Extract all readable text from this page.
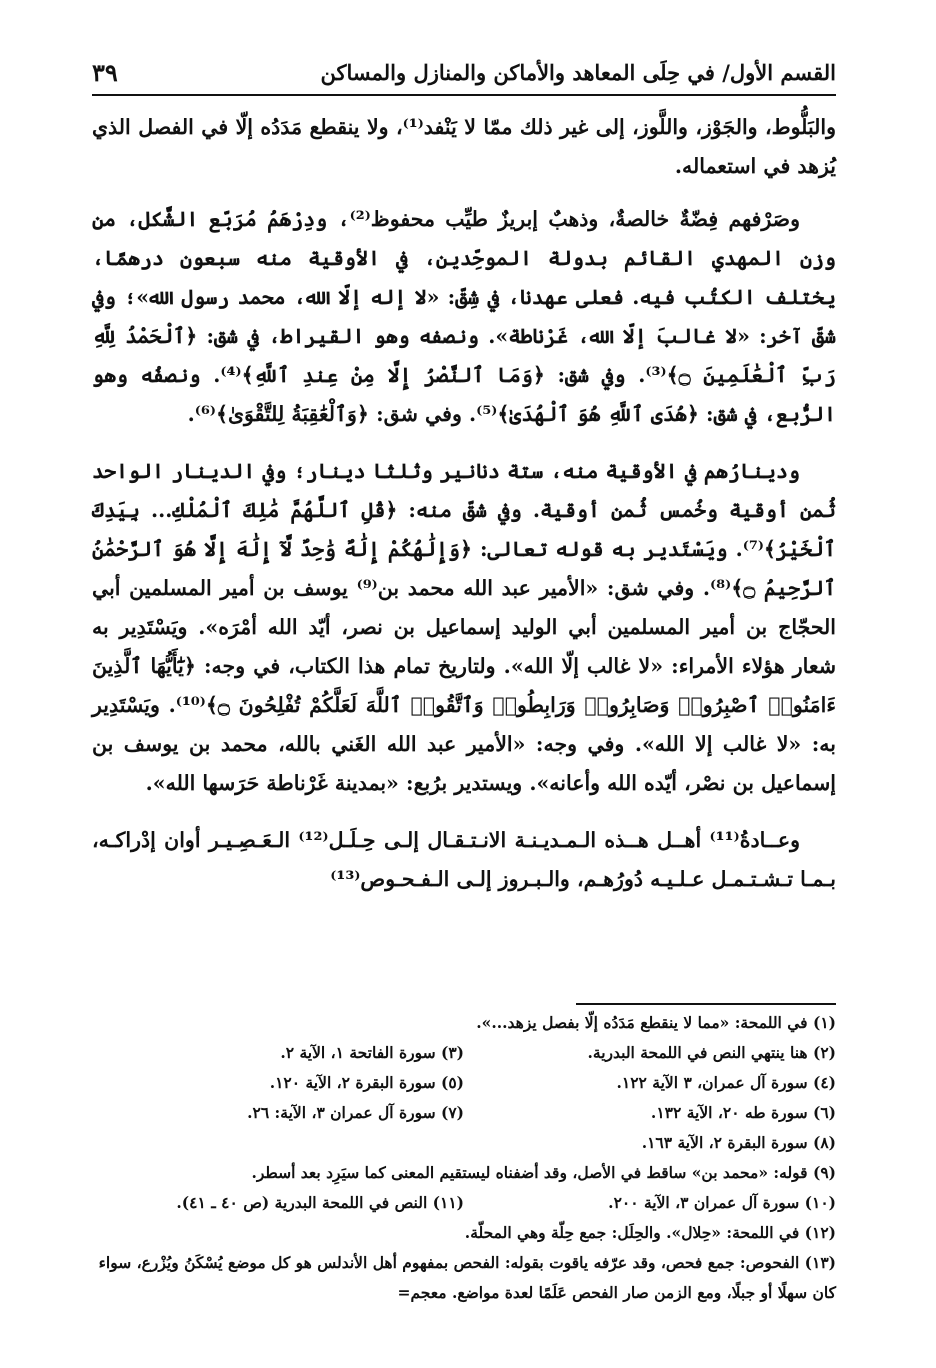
القسم الأول/ في حِلَى المعاهد والأماكن والمنازل والمساكن
٣٩

والبَلُّوط، والجَوْز، واللَّوز، إلى غير ذلك ممّا لا يَنْفد⁽¹⁾، ولا ينقطع مَدَدُه إلّا في الفصل الذي يُزهد في استعماله.

وصَرْفهم فِضّةٌ خالصةٌ، وذهبٌ إبريزٌ طيِّب محفوظ⁽²⁾، ودِرْهَمُ مُرَبّع الشَّكل، من وزن المهدي القائم بدولة الموحِّدين، في الأوقية منه سبعون درهمًا، يختلف الكتُب فيه. فعلى عهدنا، في شِقّ: «لا إله إلّا الله، محمد رسول الله»؛ وفي شقّ آخر: «لا غالبَ إلّا الله، غَرْناطة». ونصفه وهو القيراط، في شق: ﴿ٱلْحَمْدُ لِلَّهِ رَبِّ ٱلْعَٰلَمِينَ ۝﴾⁽³⁾. وفي شق: ﴿وَمَا ٱلنَّصْرُ إِلَّا مِنْ عِندِ ٱللَّهِ﴾⁽⁴⁾. ونصفُه وهو الرُّبع، في شق: ﴿هُدَى ٱللَّهِ هُوَ ٱلْهُدَىٰ﴾⁽⁵⁾. وفي شق: ﴿وَٱلْعَٰقِبَةُ لِلتَّقْوَىٰ﴾⁽⁶⁾.

ودينارُهم في الأوقية منه، ستة دنانير وثلثا دينار؛ وفي الدينار الواحد ثُمن أوقية وخُمس ثُمن أوقية. وفي شقّ منه: ﴿قُلِ ٱللَّهُمَّ مَٰلِكَ ٱلْمُلْكِ... بِيَدِكَ ٱلْخَيْرُ﴾⁽⁷⁾. ويَسْتَدير به قوله تعالى: ﴿وَإِلَٰهُكُمْ إِلَٰهٌ وَٰحِدٌ لَّآ إِلَٰهَ إِلَّا هُوَ ٱلرَّحْمَٰنُ ٱلرَّحِيمُ ۝﴾⁽⁸⁾. وفي شق: «الأمير عبد الله محمد بن⁽⁹⁾ يوسف بن أمير المسلمين أبي الحجّاج بن أمير المسلمين أبي الوليد إسماعيل بن نصر، أيّد الله أمْرَه». ويَسْتَدِير به شعار هؤلاء الأمراء: «لا غالب إلّا الله». ولتاريخ تمام هذا الكتاب، في وجه: ﴿يَٰٓأَيُّهَا ٱلَّذِينَ ءَامَنُوا۟ ٱصْبِرُوا۟ وَصَابِرُوا۟ وَرَابِطُوا۟ وَٱتَّقُوا۟ ٱللَّهَ لَعَلَّكُمْ تُفْلِحُونَ ۝﴾⁽¹⁰⁾. ويَسْتَدِير به: «لا غالب إلا الله». وفي وجه: «الأمير عبد الله الغَني بالله، محمد بن يوسف بن إسماعيل بن نصْر، أيّده الله وأعانه». ويستدير برُبع: «بمدينة غَرْناطة حَرَسها الله».

وعــادةُ⁽¹¹⁾ أهــل هــذه الـمـديـنـة الانـتـقـال إلـى حِـلَـل⁽¹²⁾ الـعَـصِـيـر أوان إدْراكـه، بـمـا تـشـتـمـل عـلـيـه دُورُهـم، والـبـروز إلـى الـفـحـوص⁽¹³⁾

(١) في اللمحة: «مما لا ينقطع مَدَدُه إلّا بفصل يزهد...».
(٢) هنا ينتهي النص في اللمحة البدرية.
(٣) سورة الفاتحة ١، الآية ٢.
(٤) سورة آل عمران، ٣ الآية ١٢٢.
(٥) سورة البقرة ٢، الآية ١٢٠.
(٦) سورة طه ٢٠، الآية ١٣٢.
(٧) سورة آل عمران ٣، الآية: ٢٦.
(٨) سورة البقرة ٢، الآية ١٦٣.
(٩) قوله: «محمد بن» ساقط في الأصل، وقد أضفناه ليستقيم المعنى كما سيَرِد بعد أسطر.
(١٠) سورة آل عمران ٣، الآية ٢٠٠.
(١١) النص في اللمحة البدرية (ص ٤٠ ـ ٤١).
(١٢) في اللمحة: «حِلال». والحِلَل: جمع حِلّة وهي المحلّة.
(١٣) الفحوص: جمع فحص، وقد عرّفه ياقوت بقوله: الفحص بمفهوم أهل الأندلس هو كل موضع يُسْكَنُ ويُزْرع، سواء كان سهلًا أو جبلًا، ومع الزمن صار الفحص عَلَمًا لعدة مواضع. معجم=
